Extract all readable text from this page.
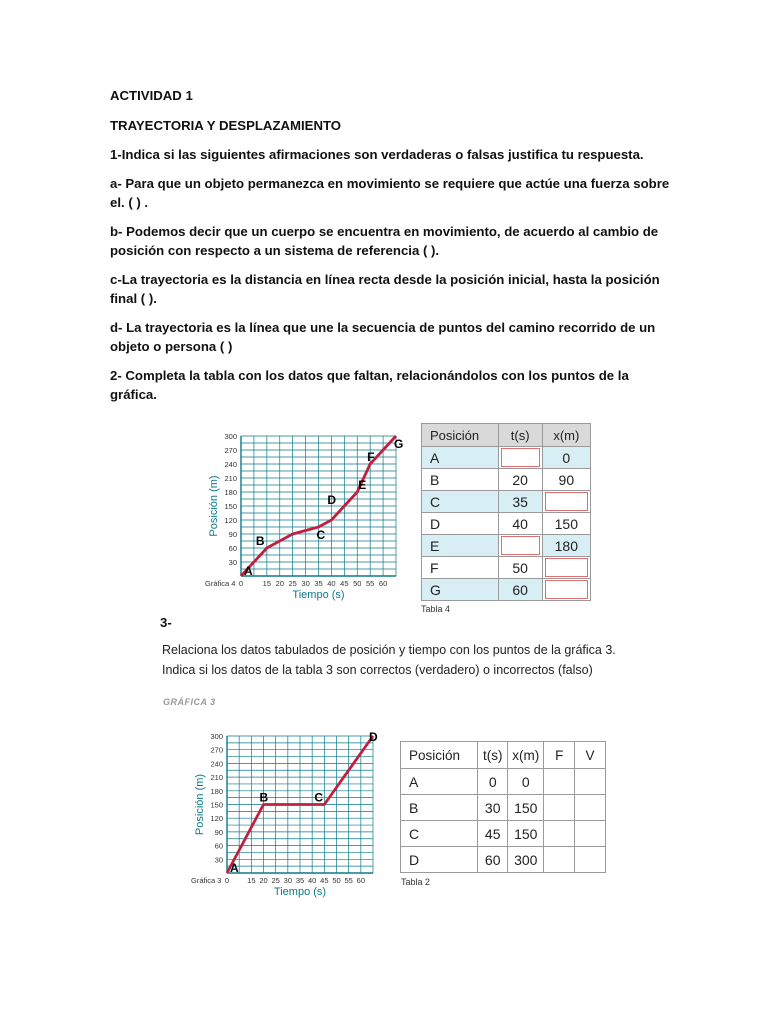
ACTIVIDAD 1

TRAYECTORIA Y DESPLAZAMIENTO

1-Indica si las siguientes afirmaciones son verdaderas o falsas justifica tu respuesta.

a- Para que un objeto permanezca en movimiento se requiere que actúe una fuerza sobre el. ( ) .

b- Podemos decir que un cuerpo se encuentra en movimiento, de acuerdo al cambio de posición con respecto a un sistema de referencia ( ).

c-La trayectoria es la distancia en línea recta desde la posición inicial, hasta la posición final ( ).

d- La trayectoria es la línea que une la secuencia de puntos del camino recorrido de un objeto o persona ( )

2- Completa la tabla con los datos que faltan, relacionándolos con los puntos de la gráfica.

30
60
90
120
150
180
210
240
270
300
0	15 20 25 30 35 40 45 50 55 60
Tiempo (s)
Posición (m)
Gráfica 4
A
B	C
D
E
F
G
Posición	t(s)	x(m)
A		0
B	20	90
C	35	

D	40	150
E		180
F	50	

G	60	
Tabla 4
3-
Relaciona los datos tabulados de posición y tiempo con los puntos de la gráfica 3.
Indica si los datos de la tabla 3 son correctos (verdadero) o incorrectos (falso)
GRÁFICA 3
30
60
90
120
150
180
210
240
270
300
0 15 20 25 30 35 40 45 50 55 60
Tiempo (s)
Posición (m)
Gráfica 3
A
B	C
D
Posición	t(s)	x(m)	F	V
A	0	0		
B	30	150		
C	45	150		
D	60	300		
Tabla 2
